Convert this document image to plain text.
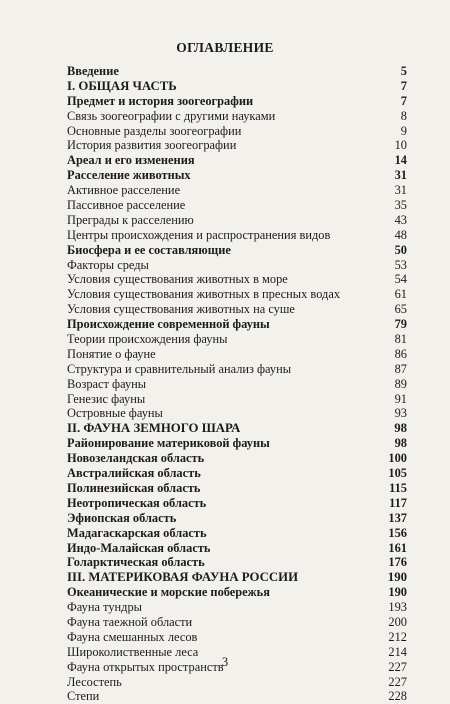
ОГЛАВЛЕНИЕ
Введение	5
I. ОБЩАЯ ЧАСТЬ	7
Предмет и история зоогеографии	7
Связь зоогеографии с другими науками	8
Основные разделы зоогеографии	9
История развития зоогеографии	10
Ареал и его изменения	14
Расселение животных	31
Активное расселение	31
Пассивное расселение	35
Преграды к расселению	43
Центры происхождения и распространения видов	48
Биосфера и ее составляющие	50
Факторы среды	53
Условия существования животных в море	54
Условия существования животных в пресных водах	61
Условия существования животных на суше	65
Происхождение современной фауны	79
Теории происхождения фауны	81
Понятие о фауне	86
Структура и сравнительный анализ фауны	87
Возраст фауны	89
Генезис фауны	91
Островные фауны	93
II. ФАУНА ЗЕМНОГО ШАРА	98
Районирование материковой фауны	98
Новозеландская область	100
Австралийская область	105
Полинезийская область	115
Неотропическая область	117
Эфиопская область	137
Мадагаскарская область	156
Индо-Малайская область	161
Голарктическая область	176
III. МАТЕРИКОВАЯ ФАУНА РОССИИ	190
Океанические и морские побережья	190
Фауна тундры	193
Фауна таежной области	200
Фауна смешанных лесов	212
Широколиственные леса	214
Фауна открытых пространств	227
Лесостепь	227
Степи	228
3
